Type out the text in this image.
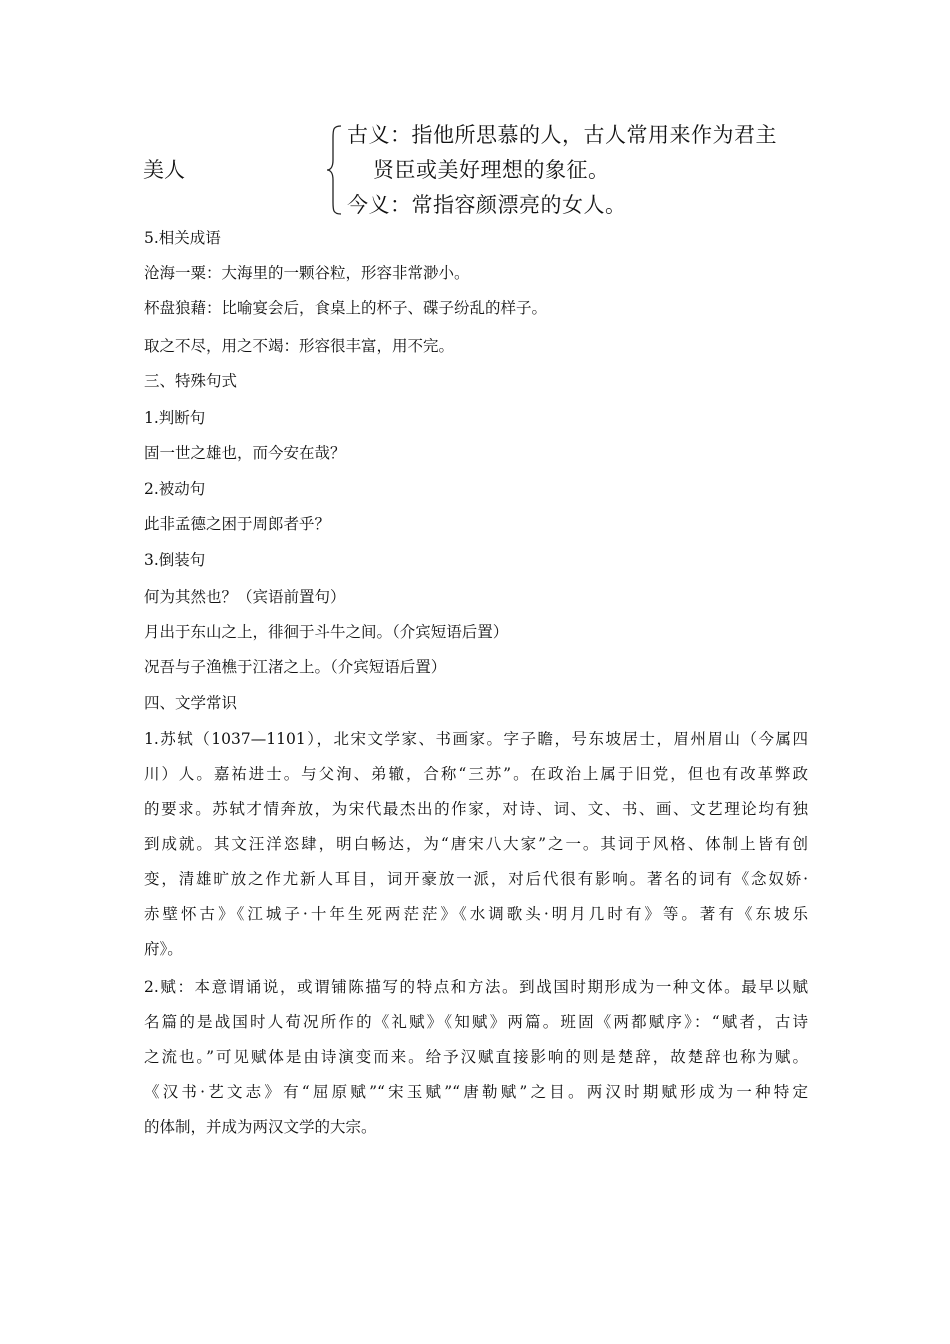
美人
古义：指他所思慕的人，古人常用来作为君主
贤臣或美好理想的象征。
今义：常指容颜漂亮的女人。
5.相关成语
沧海一粟：大海里的一颗谷粒，形容非常渺小。
杯盘狼藉：比喻宴会后，食桌上的杯子、碟子纷乱的样子。
取之不尽，用之不竭：形容很丰富，用不完。
三、特殊句式
1.判断句
固一世之雄也，而今安在哉？
2.被动句
此非孟德之困于周郎者乎？
3.倒装句
何为其然也？（宾语前置句）
月出于东山之上，徘徊于斗牛之间。（介宾短语后置）
况吾与子渔樵于江渚之上。（介宾短语后置）
四、文学常识
1.苏轼（1037—1101），北宋文学家、书画家。字子瞻，号东坡居士，眉州眉山（今属四
川）人。嘉祐进士。与父洵、弟辙，合称“三苏”。在政治上属于旧党，但也有改革弊政
的要求。苏轼才情奔放，为宋代最杰出的作家，对诗、词、文、书、画、文艺理论均有独
到成就。其文汪洋恣肆，明白畅达，为“唐宋八大家”之一。其词于风格、体制上皆有创
变，清雄旷放之作尤新人耳目，词开豪放一派，对后代很有影响。著名的词有《念奴娇·
赤壁怀古》《江城子·十年生死两茫茫》《水调歌头·明月几时有》等。著有《东坡乐
府》。
2.赋：本意谓诵说，或谓铺陈描写的特点和方法。到战国时期形成为一种文体。最早以赋
名篇的是战国时人荀况所作的《礼赋》《知赋》两篇。班固《两都赋序》：“赋者，古诗
之流也。”可见赋体是由诗演变而来。给予汉赋直接影响的则是楚辞，故楚辞也称为赋。
《汉书·艺文志》有“屈原赋”“宋玉赋”“唐勒赋”之目。两汉时期赋形成为一种特定
的体制，并成为两汉文学的大宗。
